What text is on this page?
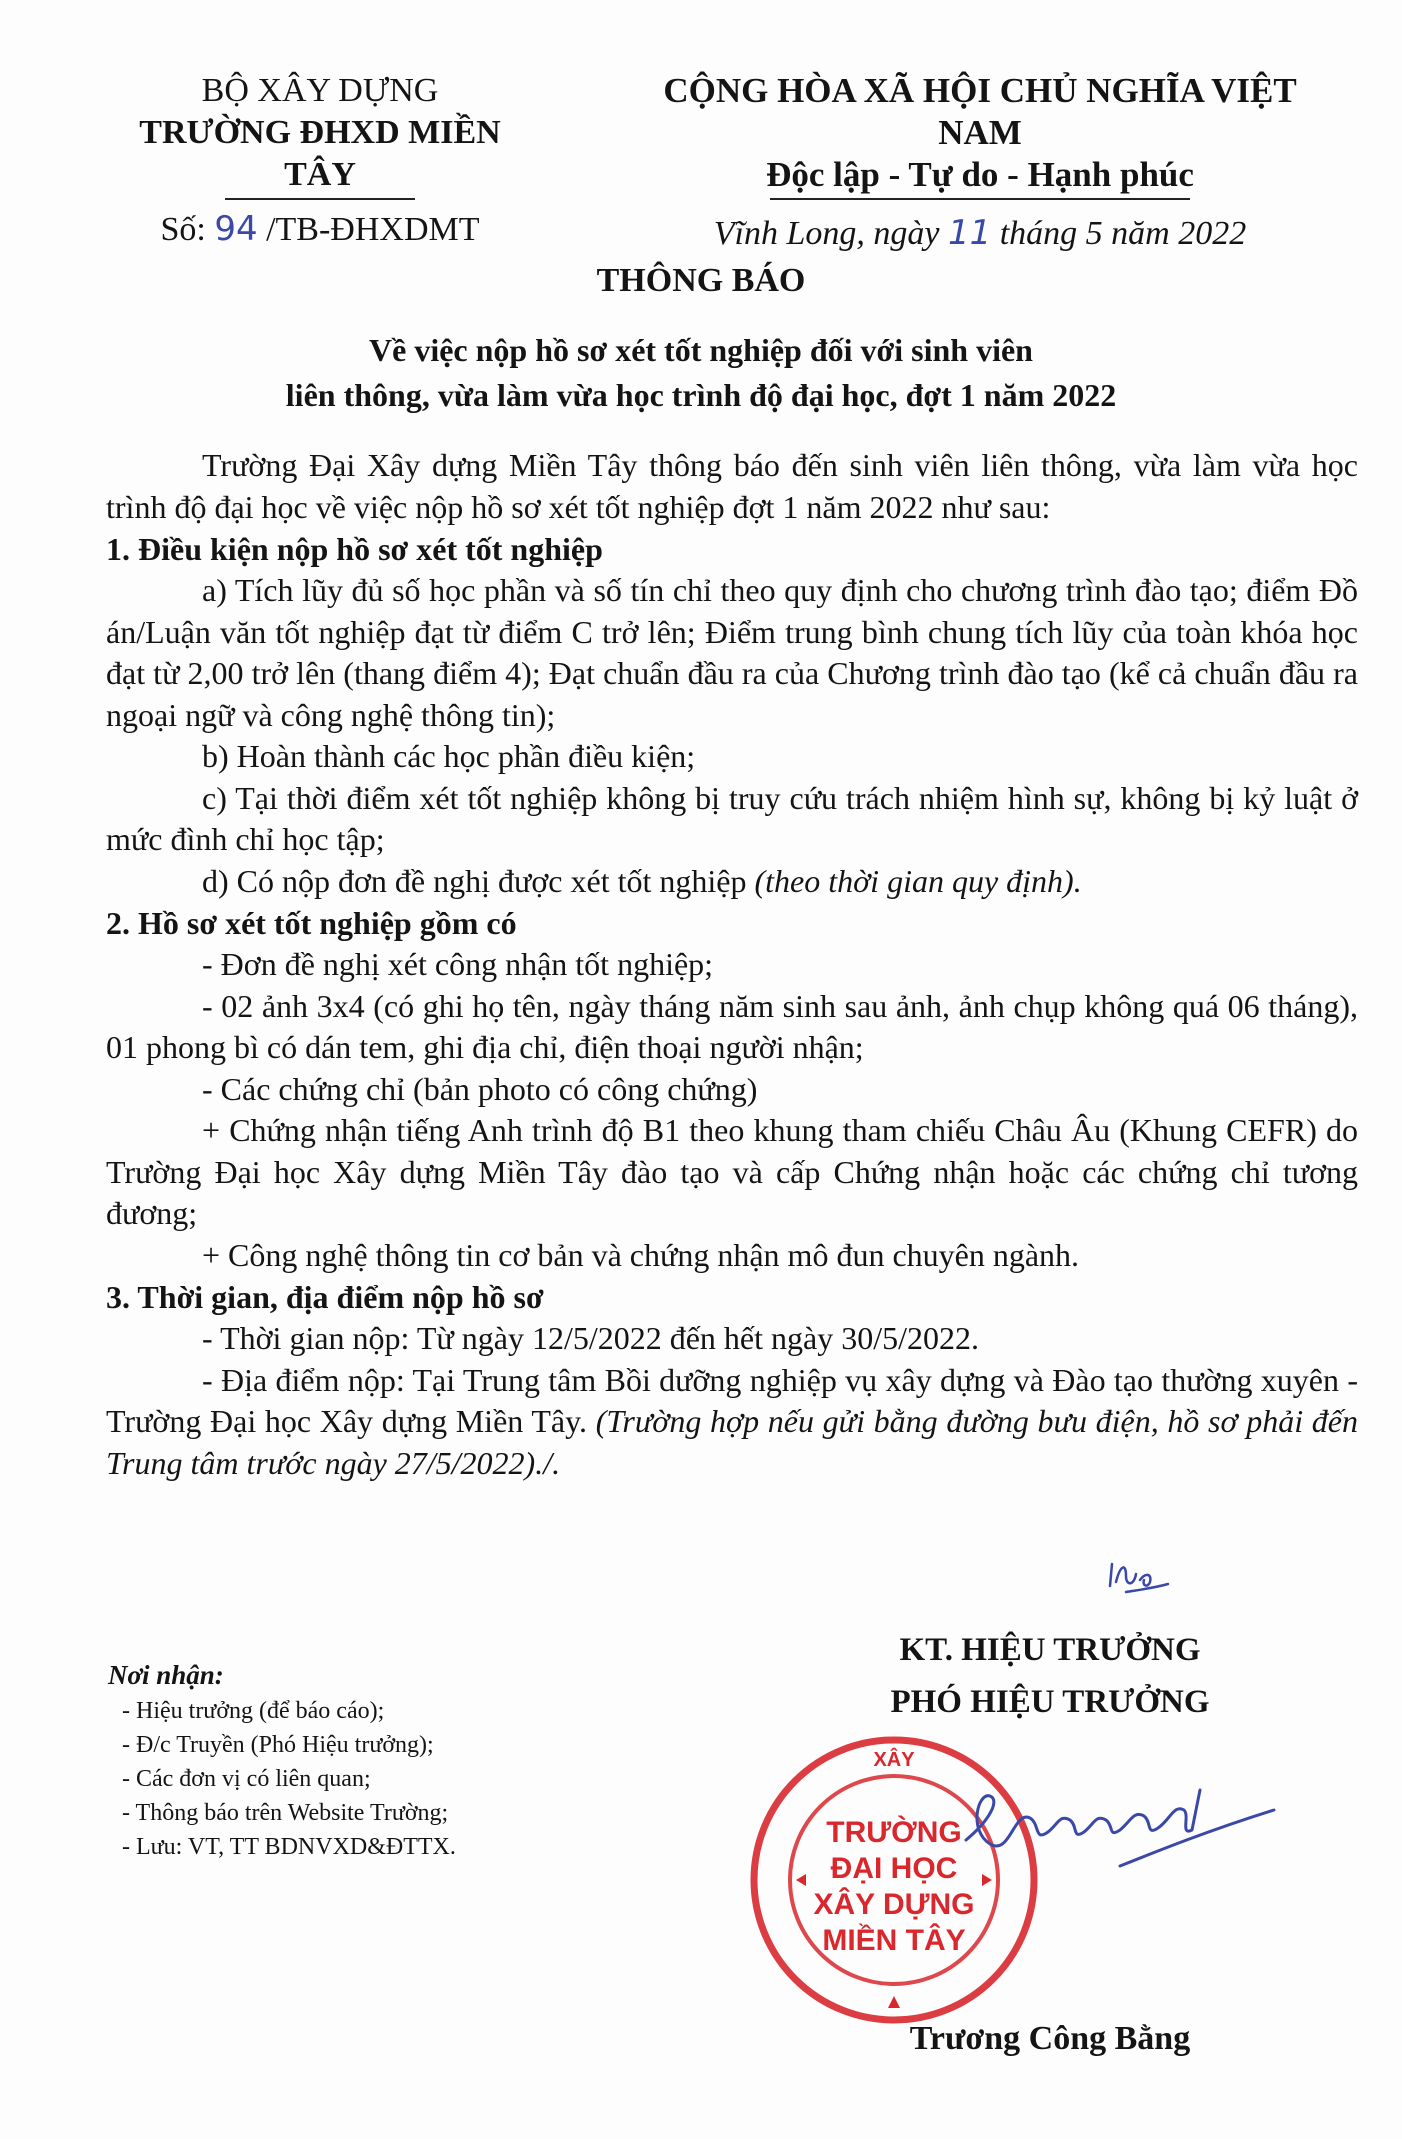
BỘ XÂY DỰNG
TRƯỜNG ĐHXD MIỀN TÂY
Số: 94 /TB-ĐHXDMT
CỘNG HÒA XÃ HỘI CHỦ NGHĨA VIỆT NAM
Độc lập - Tự do - Hạnh phúc
Vĩnh Long, ngày 11 tháng 5 năm 2022
THÔNG BÁO
Về việc nộp hồ sơ xét tốt nghiệp đối với sinh viên
liên thông, vừa làm vừa học trình độ đại học, đợt 1 năm 2022

Trường Đại Xây dựng Miền Tây thông báo đến sinh viên liên thông, vừa làm vừa học trình độ đại học về việc nộp hồ sơ xét tốt nghiệp đợt 1 năm 2022 như sau:

1. Điều kiện nộp hồ sơ xét tốt nghiệp

a) Tích lũy đủ số học phần và số tín chỉ theo quy định cho chương trình đào tạo; điểm Đồ án/Luận văn tốt nghiệp đạt từ điểm C trở lên; Điểm trung bình chung tích lũy của toàn khóa học đạt từ 2,00 trở lên (thang điểm 4); Đạt chuẩn đầu ra của Chương trình đào tạo (kể cả chuẩn đầu ra ngoại ngữ và công nghệ thông tin);

b) Hoàn thành các học phần điều kiện;

c) Tại thời điểm xét tốt nghiệp không bị truy cứu trách nhiệm hình sự, không bị kỷ luật ở mức đình chỉ học tập;

d) Có nộp đơn đề nghị được xét tốt nghiệp (theo thời gian quy định).

2. Hồ sơ xét tốt nghiệp gồm có

- Đơn đề nghị xét công nhận tốt nghiệp;

- 02 ảnh 3x4 (có ghi họ tên, ngày tháng năm sinh sau ảnh, ảnh chụp không quá 06 tháng), 01 phong bì có dán tem, ghi địa chỉ, điện thoại người nhận;

- Các chứng chỉ (bản photo có công chứng)

+ Chứng nhận tiếng Anh trình độ B1 theo khung tham chiếu Châu Âu (Khung CEFR) do Trường Đại học Xây dựng Miền Tây đào tạo và cấp Chứng nhận hoặc các chứng chỉ tương đương;

+ Công nghệ thông tin cơ bản và chứng nhận mô đun chuyên ngành.

3. Thời gian, địa điểm nộp hồ sơ

- Thời gian nộp: Từ ngày 12/5/2022 đến hết ngày 30/5/2022.

- Địa điểm nộp: Tại Trung tâm Bồi dưỡng nghiệp vụ xây dựng và Đào tạo thường xuyên - Trường Đại học Xây dựng Miền Tây. (Trường hợp nếu gửi bằng đường bưu điện, hồ sơ phải đến Trung tâm trước ngày 27/5/2022)./.

Nơi nhận:
- Hiệu trưởng (để báo cáo);
- Đ/c Truyền (Phó Hiệu trưởng);
- Các đơn vị có liên quan;
- Thông báo trên Website Trường;
- Lưu: VT, TT BDNVXD&ĐTTX.
KT. HIỆU TRƯỞNG
PHÓ HIỆU TRƯỞNG
XÂY
TRƯỜNG
ĐẠI HỌC
XÂY DỰNG
MIỀN TÂY
Trương Công Bằng
